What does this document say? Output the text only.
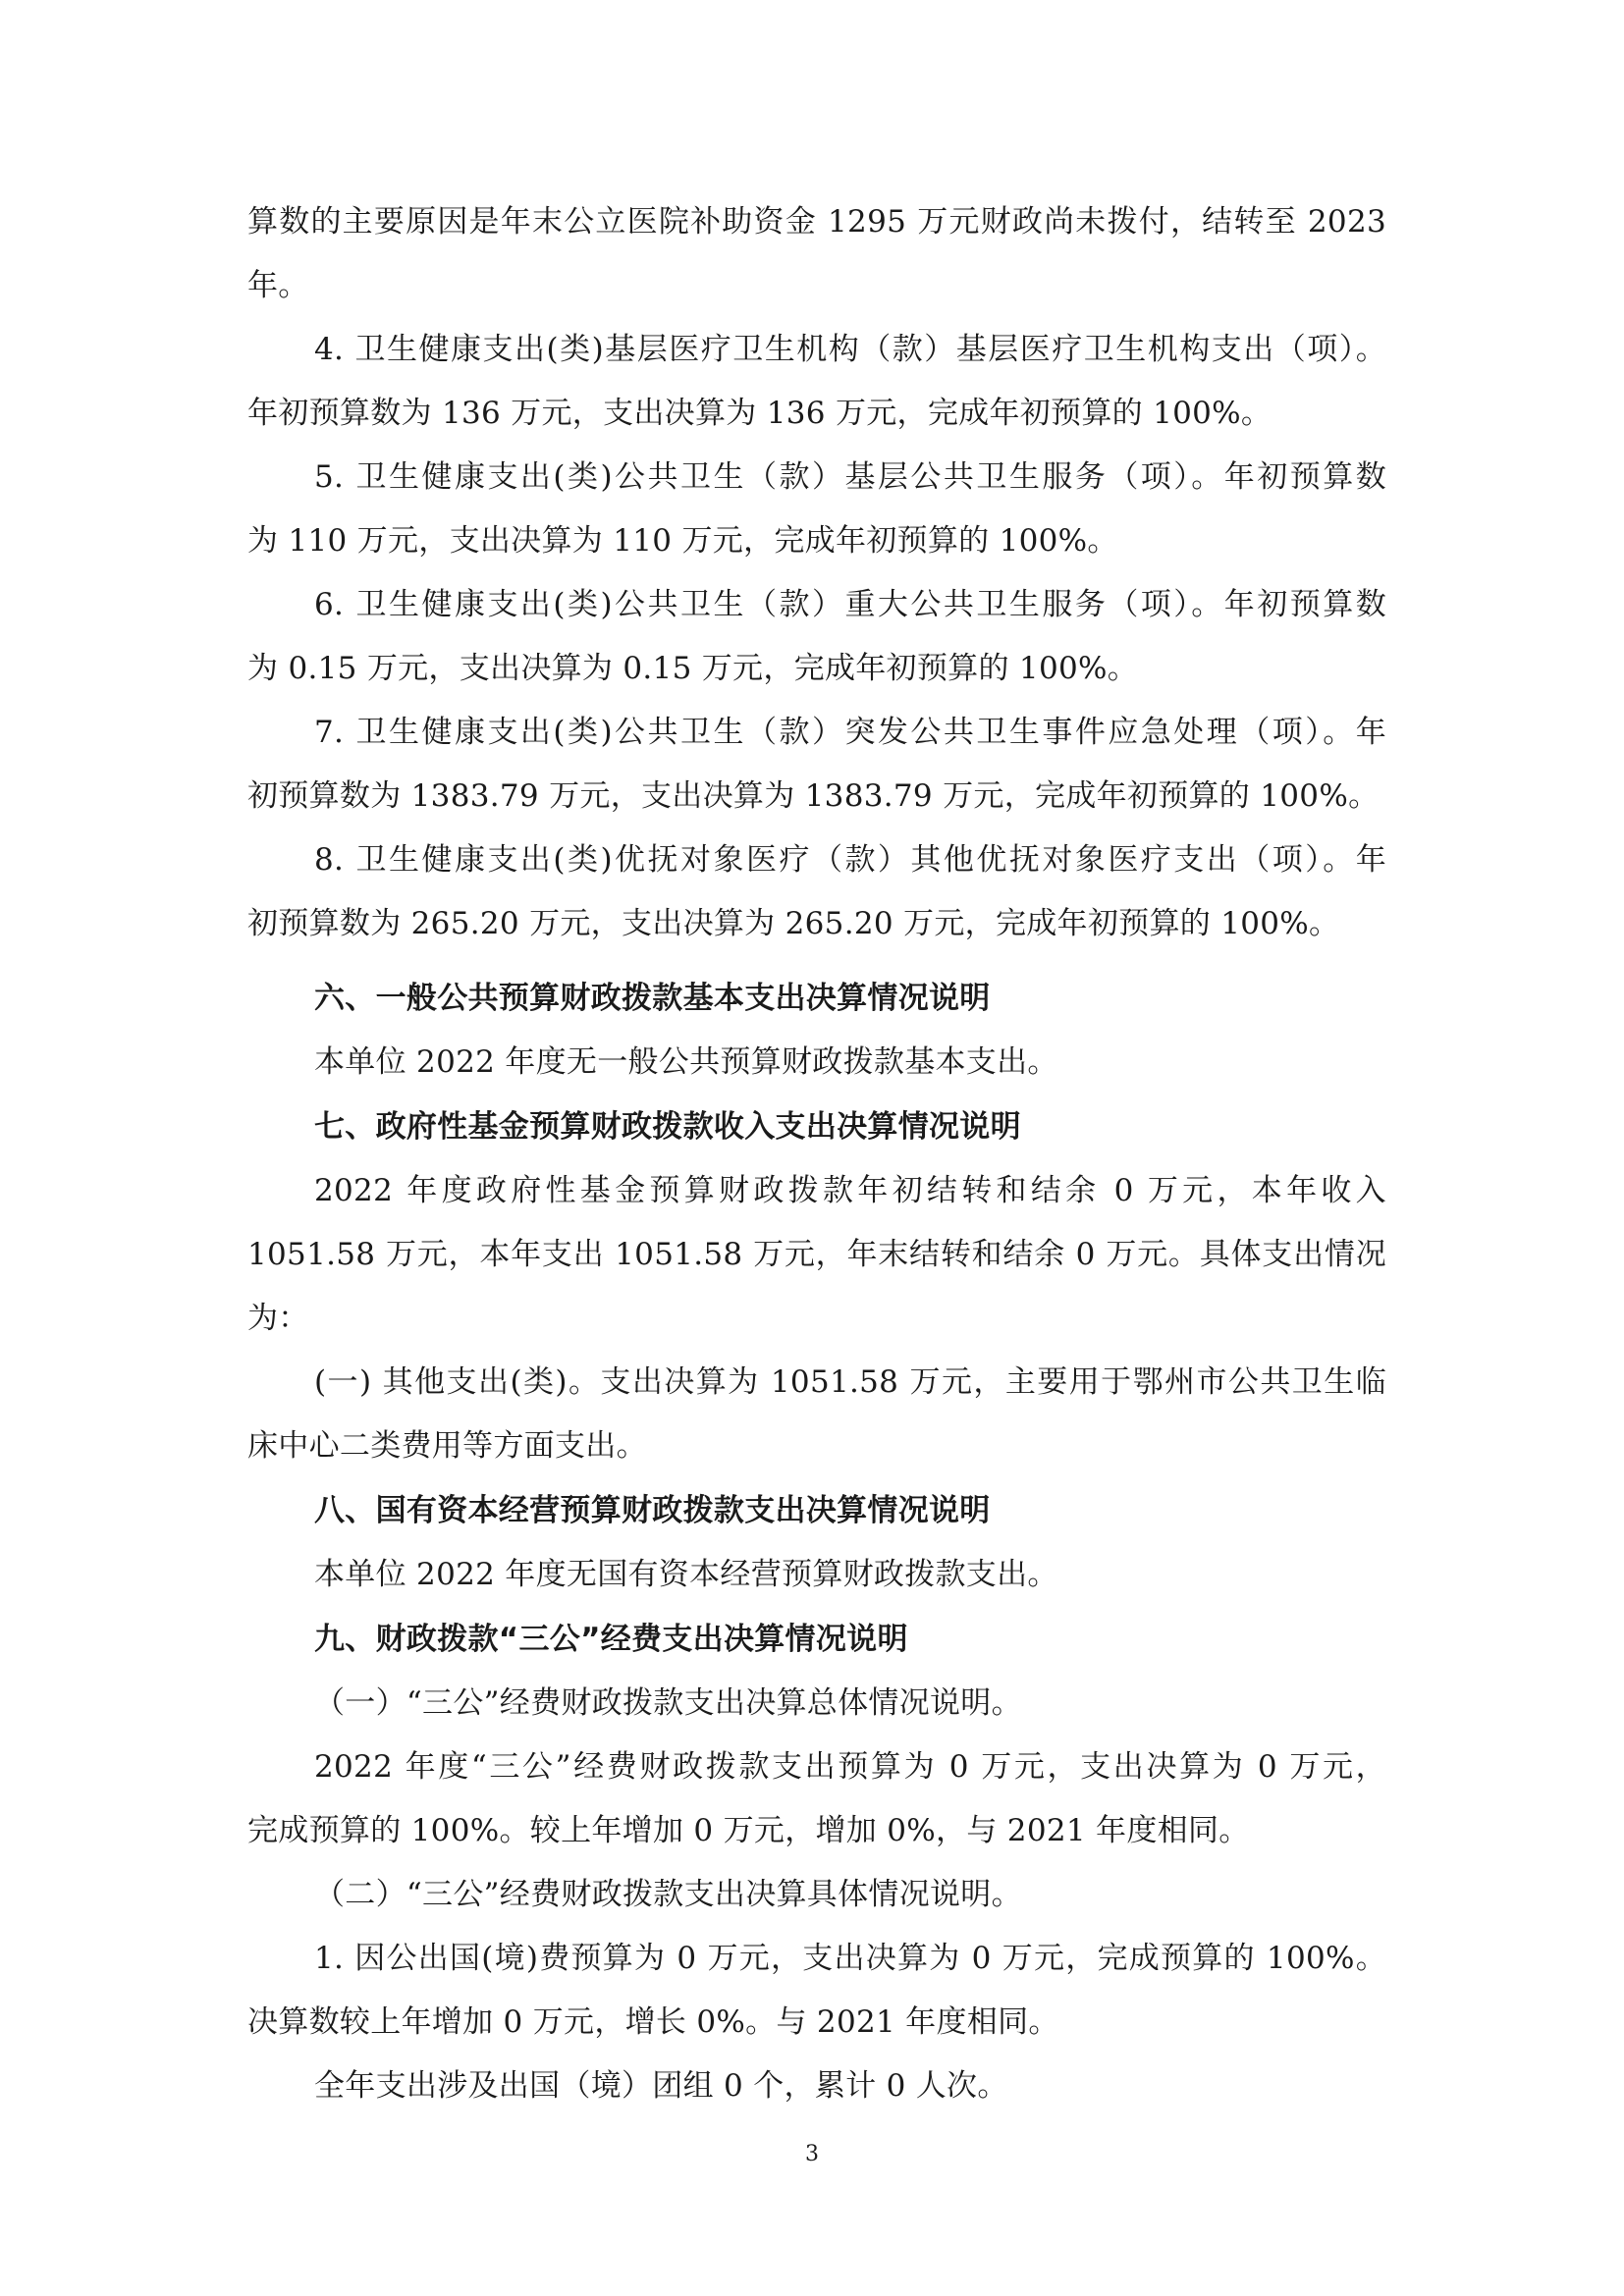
算数的主要原因是年末公立医院补助资金 1295 万元财政尚未拨付，结转至 2023
年。
4. 卫生健康支出(类)基层医疗卫生机构（款）基层医疗卫生机构支出（项）。
年初预算数为 136 万元，支出决算为 136 万元，完成年初预算的 100%。
5. 卫生健康支出(类)公共卫生（款）基层公共卫生服务（项）。年初预算数
为 110 万元，支出决算为 110 万元，完成年初预算的 100%。
6. 卫生健康支出(类)公共卫生（款）重大公共卫生服务（项）。年初预算数
为 0.15 万元，支出决算为 0.15 万元，完成年初预算的 100%。
7. 卫生健康支出(类)公共卫生（款）突发公共卫生事件应急处理（项）。年
初预算数为 1383.79 万元，支出决算为 1383.79 万元，完成年初预算的 100%。
8. 卫生健康支出(类)优抚对象医疗（款）其他优抚对象医疗支出（项）。年
初预算数为 265.20 万元，支出决算为 265.20 万元，完成年初预算的 100%。
六、一般公共预算财政拨款基本支出决算情况说明
本单位 2022 年度无一般公共预算财政拨款基本支出。
七、政府性基金预算财政拨款收入支出决算情况说明
2022 年度政府性基金预算财政拨款年初结转和结余 0 万元，本年收入
1051.58 万元，本年支出 1051.58 万元，年末结转和结余 0 万元。具体支出情况
为：
(一) 其他支出(类)。支出决算为 1051.58 万元，主要用于鄂州市公共卫生临
床中心二类费用等方面支出。
八、国有资本经营预算财政拨款支出决算情况说明
本单位 2022 年度无国有资本经营预算财政拨款支出。
九、财政拨款“三公”经费支出决算情况说明
（一）“三公”经费财政拨款支出决算总体情况说明。
2022 年度“三公”经费财政拨款支出预算为 0 万元，支出决算为 0 万元，
完成预算的 100%。较上年增加 0 万元，增加 0%，与 2021 年度相同。
（二）“三公”经费财政拨款支出决算具体情况说明。
1. 因公出国(境)费预算为 0 万元，支出决算为 0 万元，完成预算的 100%。
决算数较上年增加 0 万元，增长 0%。与 2021 年度相同。
全年支出涉及出国（境）团组 0 个，累计 0 人次。
3
